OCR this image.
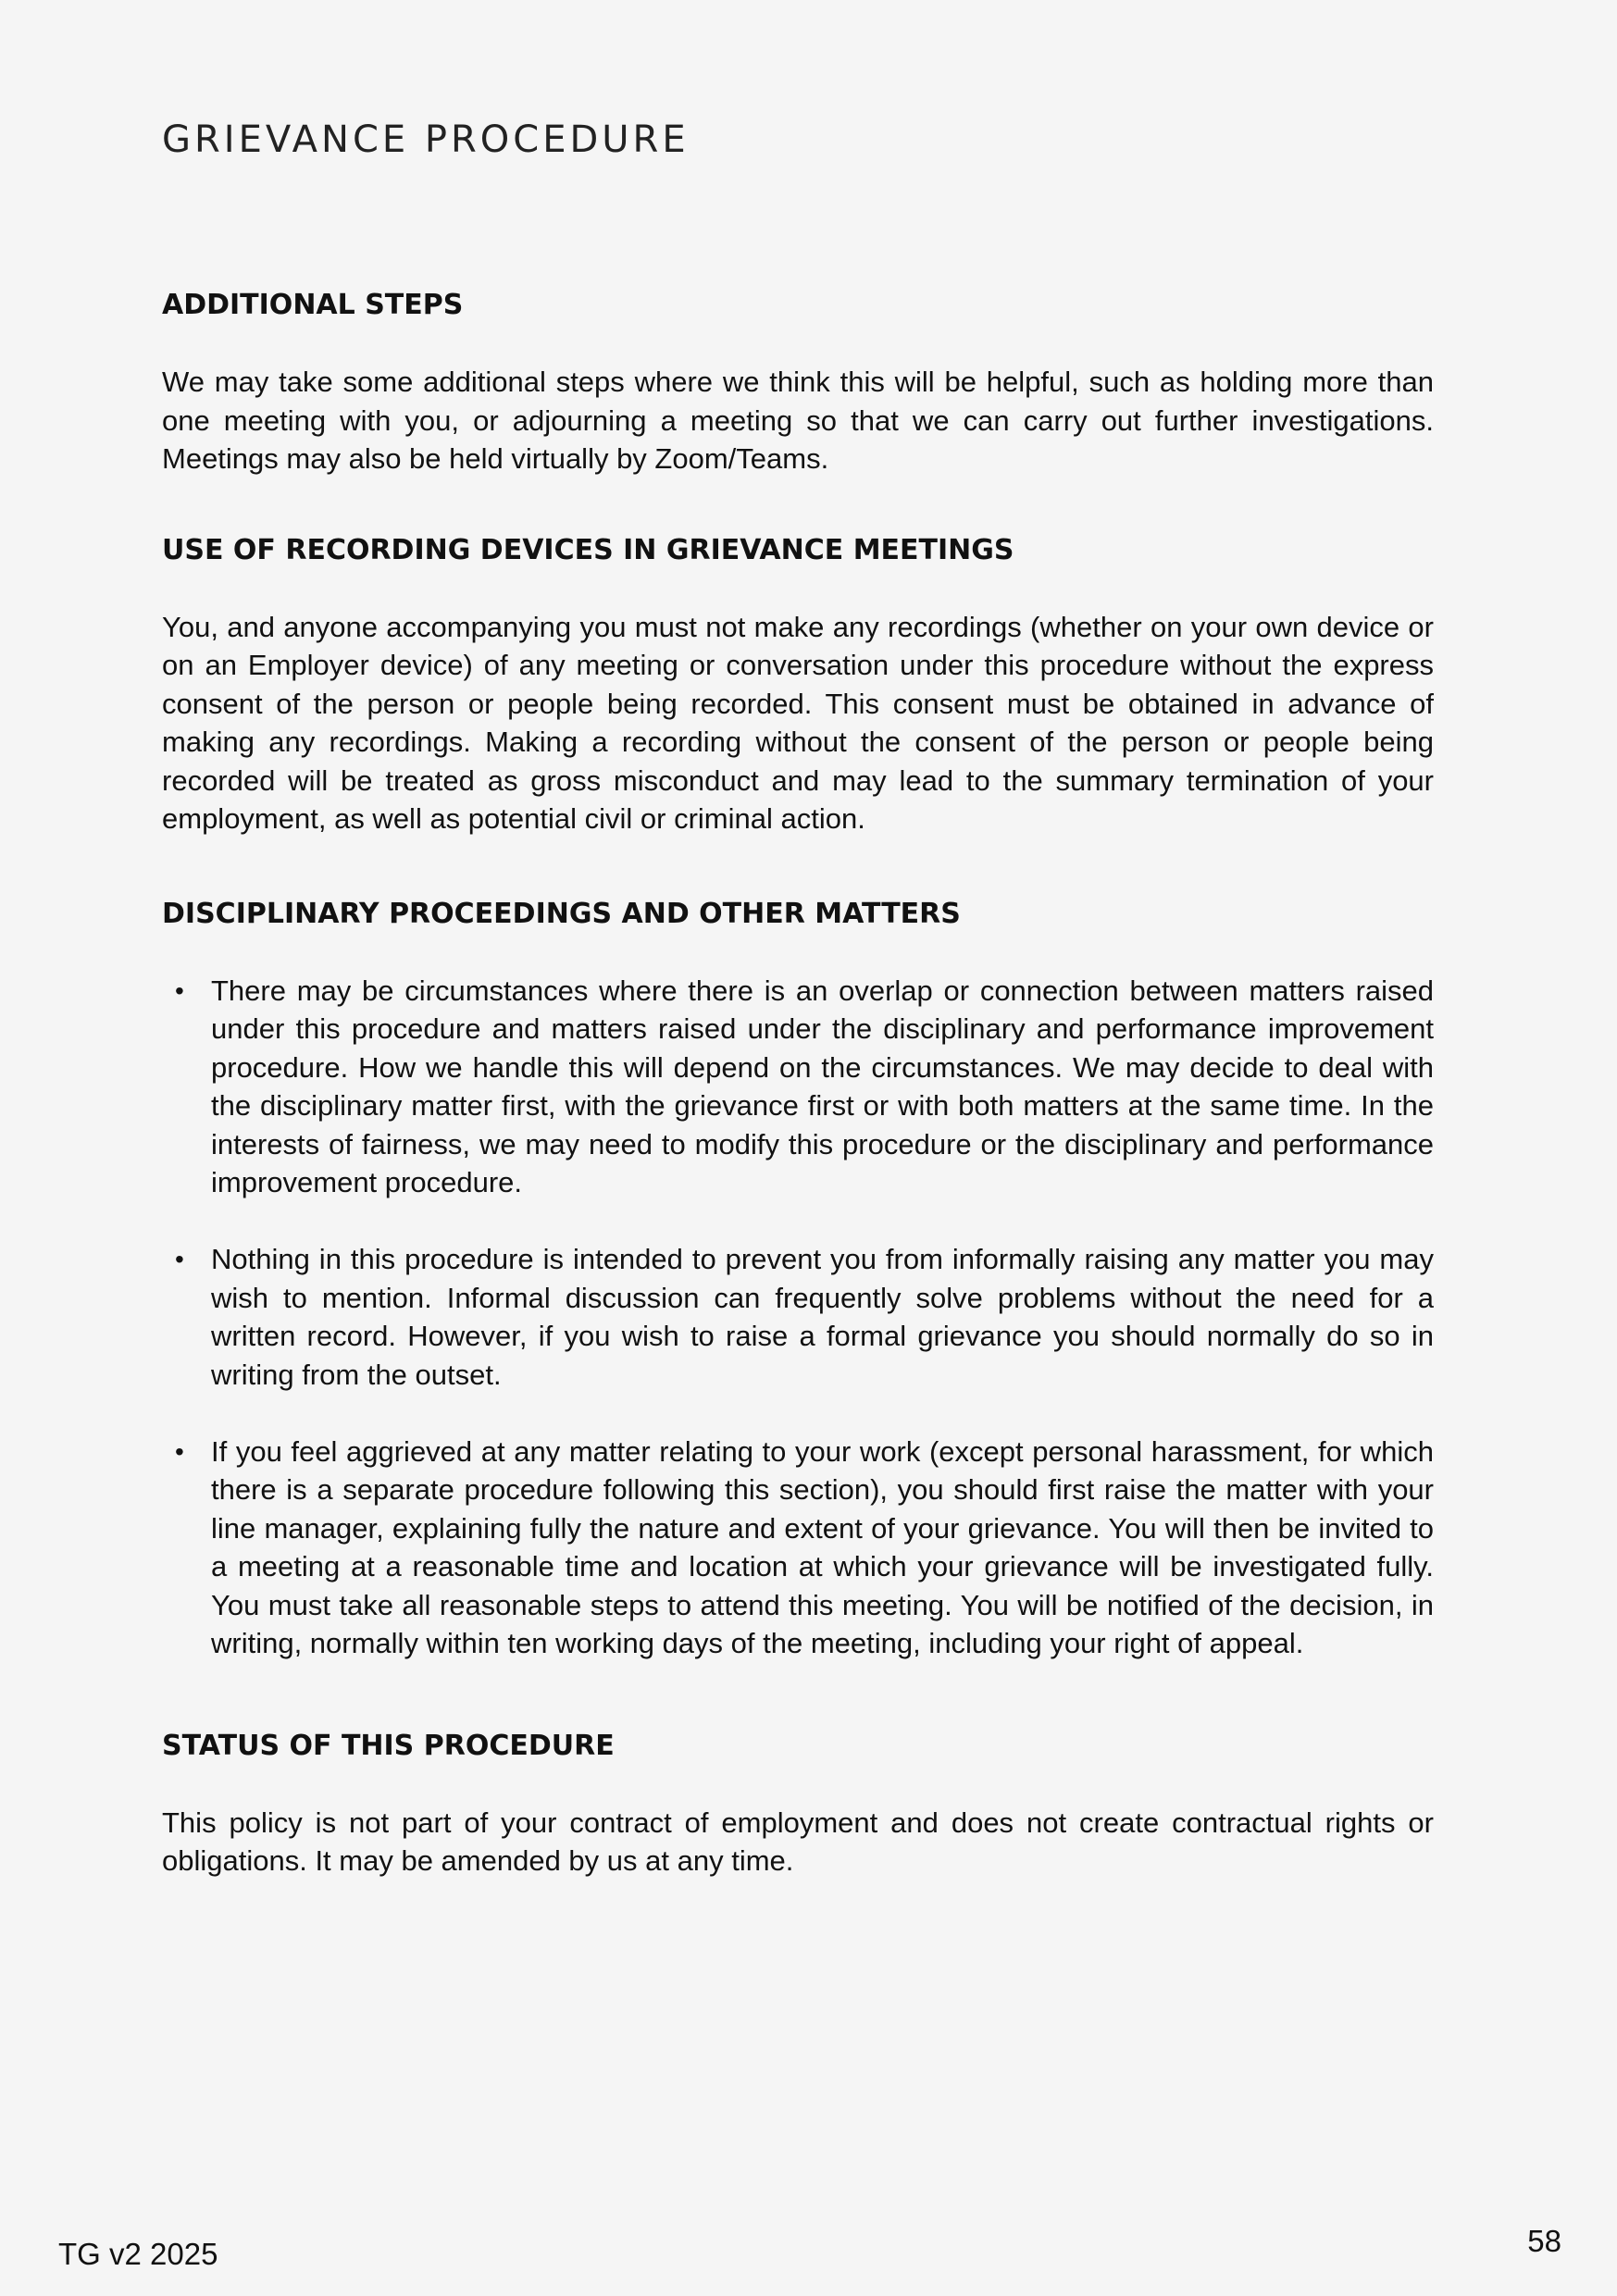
GRIEVANCE PROCEDURE
ADDITIONAL STEPS

We may take some additional steps where we think this will be helpful, such as holding more than one meeting with you, or adjourning a meeting so that we can carry out further investigations. Meetings may also be held virtually by Zoom/Teams.

USE OF RECORDING DEVICES IN GRIEVANCE MEETINGS

You, and anyone accompanying you must not make any recordings (whether on your own device or on an Employer device) of any meeting or conversation under this procedure without the express consent of the person or people being recorded. This consent must be obtained in advance of making any recordings. Making a recording without the consent of the person or people being recorded will be treated as gross misconduct and may lead to the summary termination of your employment, as well as potential civil or criminal action.

DISCIPLINARY PROCEEDINGS AND OTHER MATTERS
• There may be circumstances where there is an overlap or connection between matters raised under this procedure and matters raised under the disciplinary and performance improvement procedure. How we handle this will depend on the circumstances. We may decide to deal with the disciplinary matter first, with the grievance first or with both matters at the same time. In the interests of fairness, we may need to modify this procedure or the disciplinary and performance improvement procedure.
• Nothing in this procedure is intended to prevent you from informally raising any matter you may wish to mention. Informal discussion can frequently solve problems without the need for a written record. However, if you wish to raise a formal grievance you should normally do so in writing from the outset.
• If you feel aggrieved at any matter relating to your work (except personal harassment, for which there is a separate procedure following this section), you should first raise the matter with your line manager, explaining fully the nature and extent of your grievance. You will then be invited to a meeting at a reasonable time and location at which your grievance will be investigated fully. You must take all reasonable steps to attend this meeting. You will be notified of the decision, in writing, normally within ten working days of the meeting, including your right of appeal.
STATUS OF THIS PROCEDURE

This policy is not part of your contract of employment and does not create contractual rights or obligations. It may be amended by us at any time.

TG v2 2025	58
